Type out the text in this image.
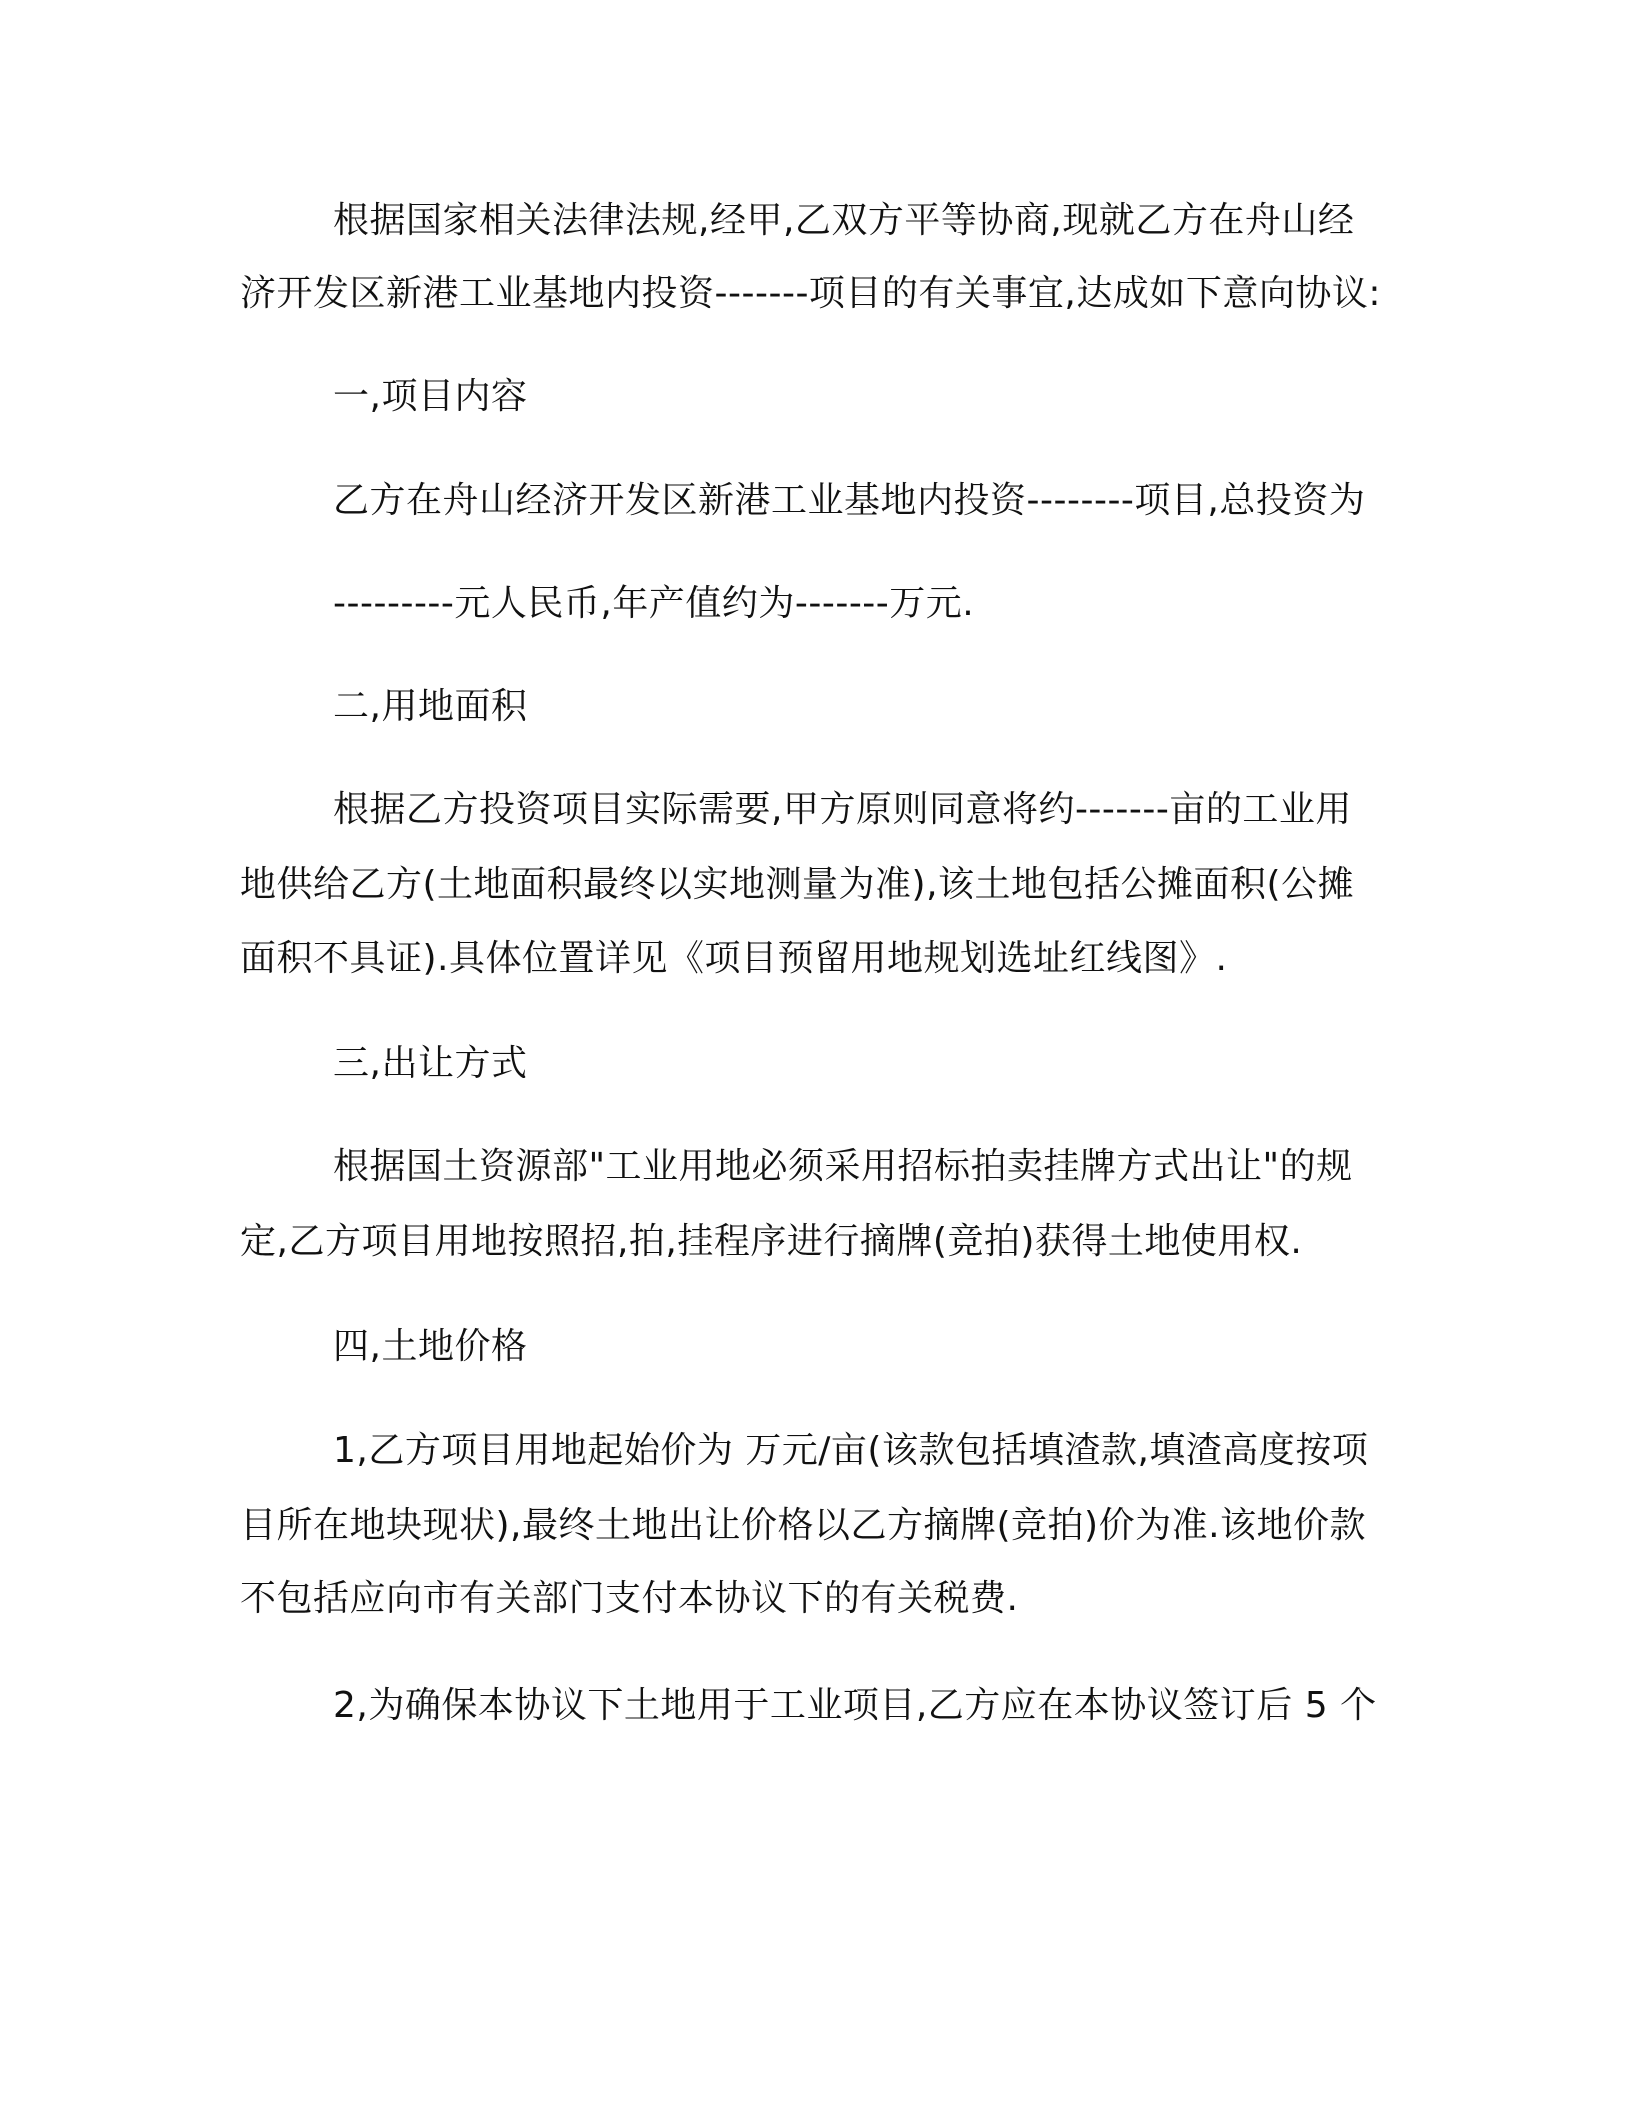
根据国家相关法律法规,经甲,乙双方平等协商,现就乙方在舟山经

济开发区新港工业基地内投资-------项目的有关事宜,达成如下意向协议:

一,项目内容

乙方在舟山经济开发区新港工业基地内投资--------项目,总投资为

---------元人民币,年产值约为-------万元.

二,用地面积

根据乙方投资项目实际需要,甲方原则同意将约-------亩的工业用

地供给乙方(土地面积最终以实地测量为准),该土地包括公摊面积(公摊

面积不具证).具体位置详见《项目预留用地规划选址红线图》.

三,出让方式

根据国土资源部"工业用地必须采用招标拍卖挂牌方式出让"的规

定,乙方项目用地按照招,拍,挂程序进行摘牌(竞拍)获得土地使用权.

四,土地价格

1,乙方项目用地起始价为 万元/亩(该款包括填渣款,填渣高度按项

目所在地块现状),最终土地出让价格以乙方摘牌(竞拍)价为准.该地价款

不包括应向市有关部门支付本协议下的有关税费.

2,为确保本协议下土地用于工业项目,乙方应在本协议签订后 5 个
